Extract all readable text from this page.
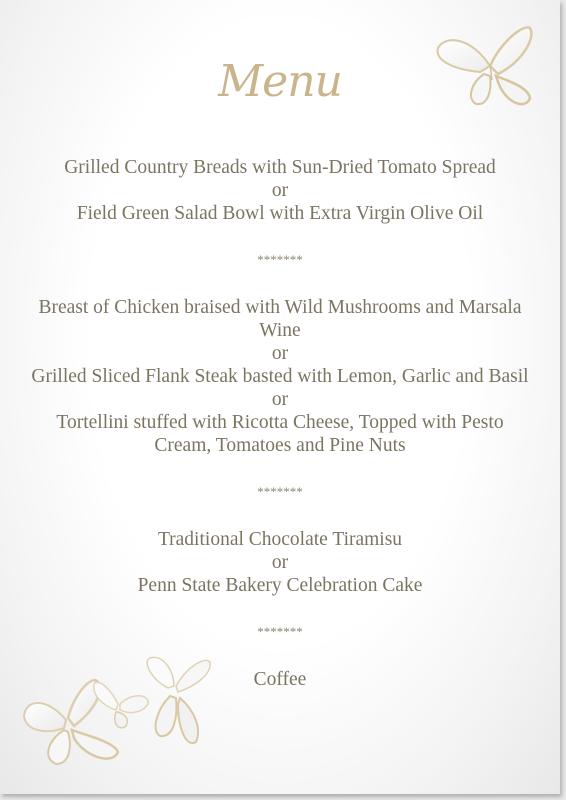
Menu
Grilled Country Breads with Sun-Dried Tomato Spread
or
Field Green Salad Bowl with Extra Virgin Olive Oil
*******
Breast of Chicken braised with Wild Mushrooms and Marsala Wine
or
Grilled Sliced Flank Steak basted with Lemon, Garlic and Basil
or
Tortellini stuffed with Ricotta Cheese, Topped with Pesto Cream, Tomatoes and Pine Nuts
*******
Traditional Chocolate Tiramisu
or
Penn State Bakery Celebration Cake
*******
Coffee
